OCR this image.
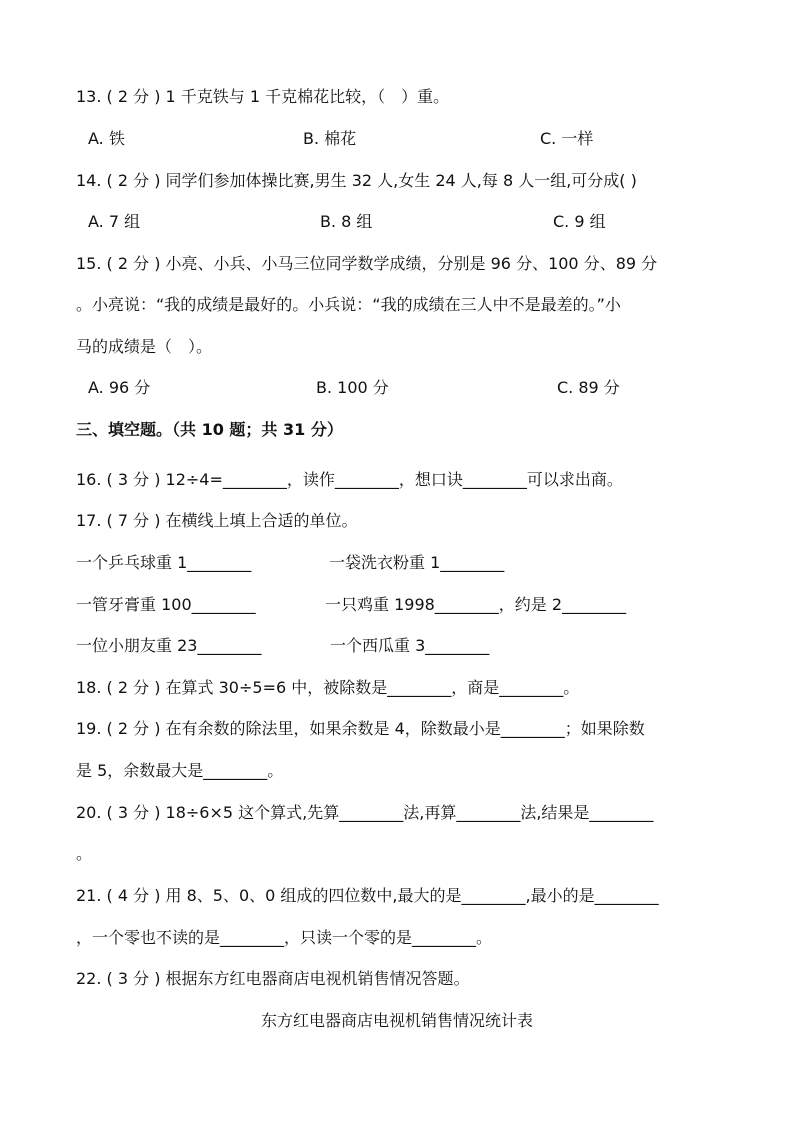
13. ( 2 分 ) 1 千克铁与 1 千克棉花比较，（　）重。
A. 铁	B. 棉花	C. 一样
14. ( 2 分 ) 同学们参加体操比赛,男生 32 人,女生 24 人,每 8 人一组,可分成( )
A. 7 组	B. 8 组	C. 9 组
15. ( 2 分 ) 小亮、小兵、小马三位同学数学成绩，分别是 96 分、100 分、89 分
。小亮说：“我的成绩是最好的。小兵说：“我的成绩在三人中不是最差的。”小
马的成绩是（　）。
A. 96 分	B. 100 分	C. 89 分
三、填空题。（共 10 题；共 31 分）
16. ( 3 分 ) 12÷4=________，读作________，想口诀________可以求出商。
17. ( 7 分 ) 在横线上填上合适的单位。
一个乒乓球重 1________	一袋洗衣粉重 1________
一管牙膏重 100________	一只鸡重 1998________，约是 2________
一位小朋友重 23________	一个西瓜重 3________
18. ( 2 分 ) 在算式 30÷5=6 中，被除数是________，商是________。
19. ( 2 分 ) 在有余数的除法里，如果余数是 4，除数最小是________；如果除数
是 5，余数最大是________。
20. ( 3 分 ) 18÷6×5 这个算式,先算________法,再算________法,结果是________
。
21. ( 4 分 ) 用 8、5、0、0 组成的四位数中,最大的是________,最小的是________
，一个零也不读的是________，只读一个零的是________。
22. ( 3 分 ) 根据东方红电器商店电视机销售情况答题。
东方红电器商店电视机销售情况统计表
